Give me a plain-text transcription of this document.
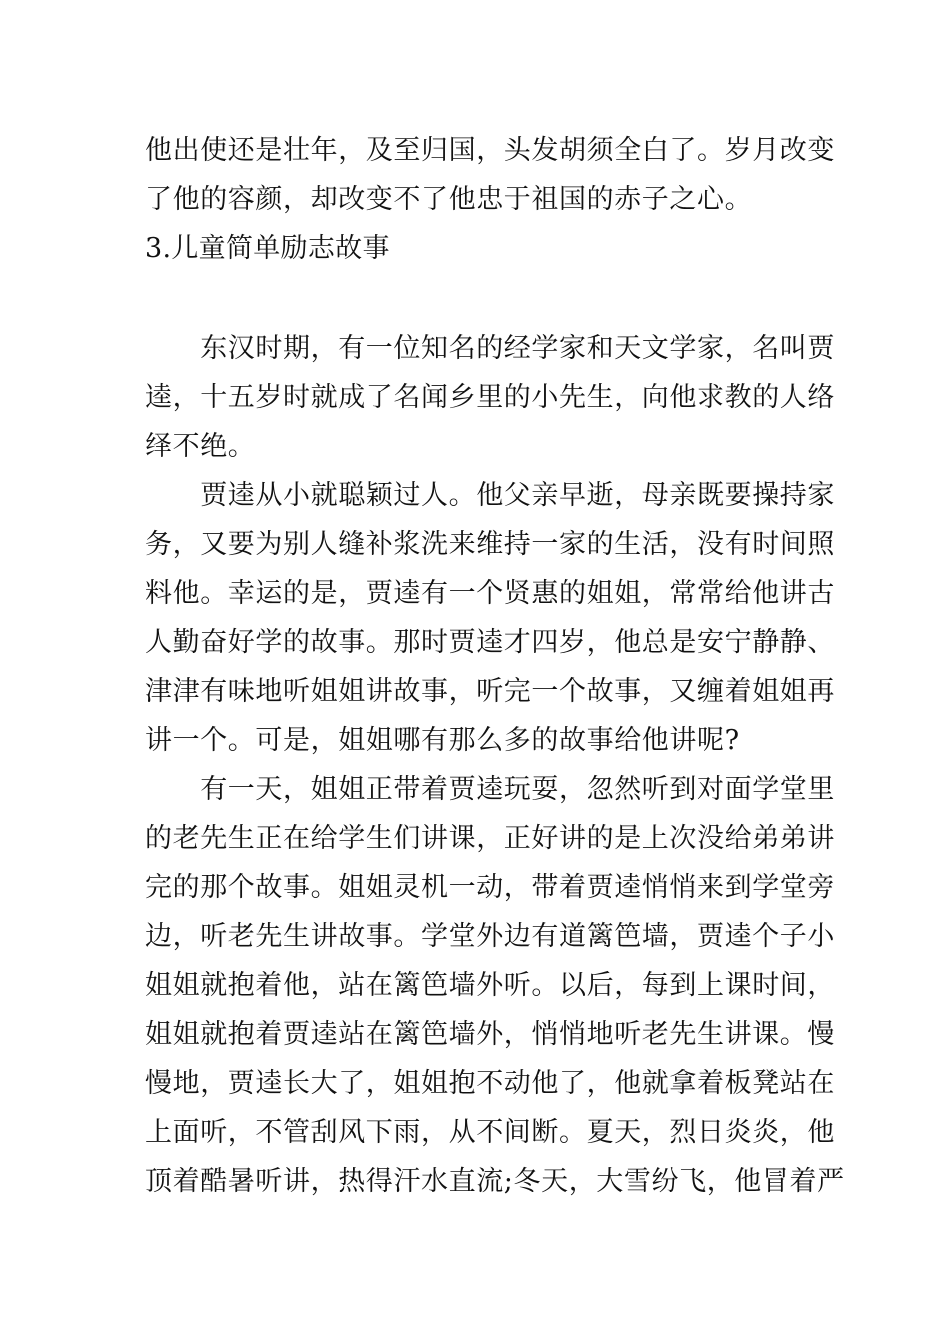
他出使还是壮年，及至归国，头发胡须全白了。岁月改变
了他的容颜，却改变不了他忠于祖国的赤子之心。
3.儿童简单励志故事
　　东汉时期，有一位知名的经学家和天文学家，名叫贾
逵，十五岁时就成了名闻乡里的小先生，向他求教的人络
绎不绝。
　　贾逵从小就聪颖过人。他父亲早逝，母亲既要操持家
务，又要为别人缝补浆洗来维持一家的生活，没有时间照
料他。幸运的是，贾逵有一个贤惠的姐姐，常常给他讲古
人勤奋好学的故事。那时贾逵才四岁，他总是安宁静静、
津津有味地听姐姐讲故事，听完一个故事，又缠着姐姐再
讲一个。可是，姐姐哪有那么多的故事给他讲呢?
　　有一天，姐姐正带着贾逵玩耍，忽然听到对面学堂里
的老先生正在给学生们讲课，正好讲的是上次没给弟弟讲
完的那个故事。姐姐灵机一动，带着贾逵悄悄来到学堂旁
边，听老先生讲故事。学堂外边有道篱笆墙，贾逵个子小
姐姐就抱着他，站在篱笆墙外听。以后，每到上课时间，
姐姐就抱着贾逵站在篱笆墙外，悄悄地听老先生讲课。慢
慢地，贾逵长大了，姐姐抱不动他了，他就拿着板凳站在
上面听，不管刮风下雨，从不间断。夏天，烈日炎炎，他
顶着酷暑听讲，热得汗水直流;冬天，大雪纷飞，他冒着严
